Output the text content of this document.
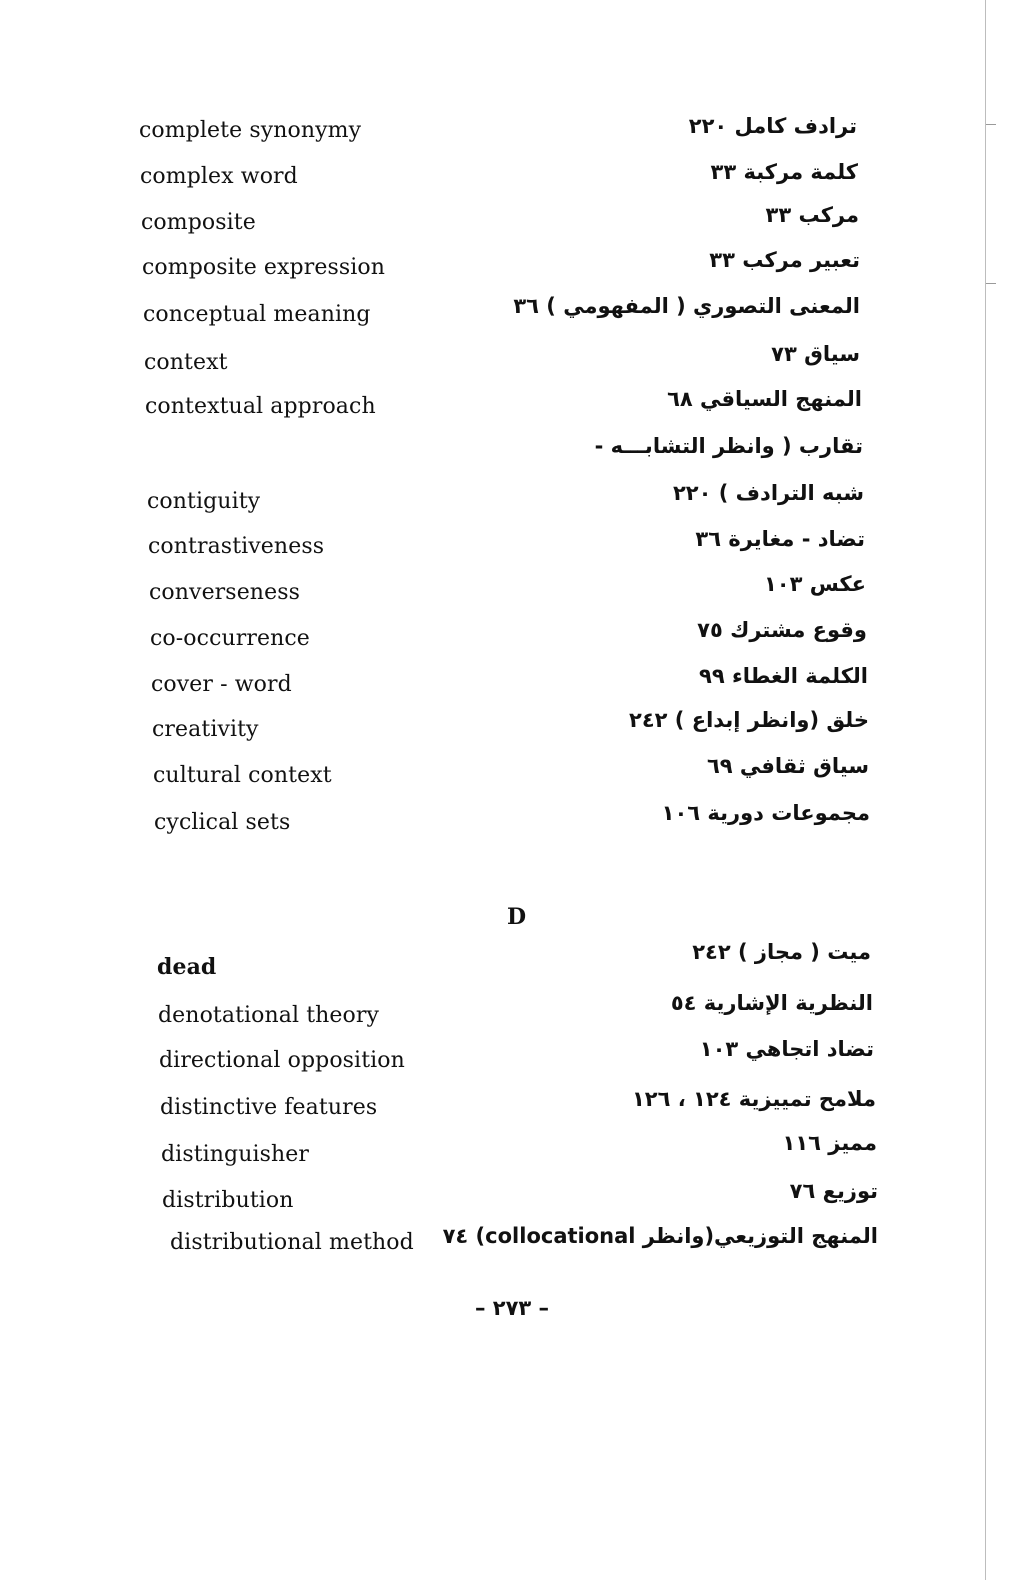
complete synonymy
complex word
composite
composite expression
conceptual meaning
context
contextual approach
contiguity
contrastiveness
converseness
co-occurrence
cover - word
creativity
cultural context
cyclical sets
ترادف كامل ٢٢٠
كلمة مركبة ٣٣
مركب ٣٣
تعبير مركب ٣٣
المعنى التصوري ( المفهومي ) ٣٦
سياق ٧٣
المنهج السياقي ٦٨
تقارب ( وانظر التشابـــه -
شبه الترادف ) ٢٢٠
تضاد - مغايرة ٣٦
عكس ١٠٣
وقوع مشترك ٧٥
الكلمة الغطاء ٩٩
خلق (وانظر إبداع ) ٢٤٢
سياق ثقافي ٦٩
مجموعات دورية ١٠٦
D
dead
denotational theory
directional opposition
distinctive features
distinguisher
distribution
distributional method
ميت ( مجاز ) ٢٤٢
النظرية الإشارية ٥٤
تضاد اتجاهي ١٠٣
ملامح تمييزية ١٢٤ ، ١٢٦
مميز ١١٦
توزيع ٧٦
المنهج التوزيعي(وانظر collocational) ٧٤
– ٢٧٣ –
